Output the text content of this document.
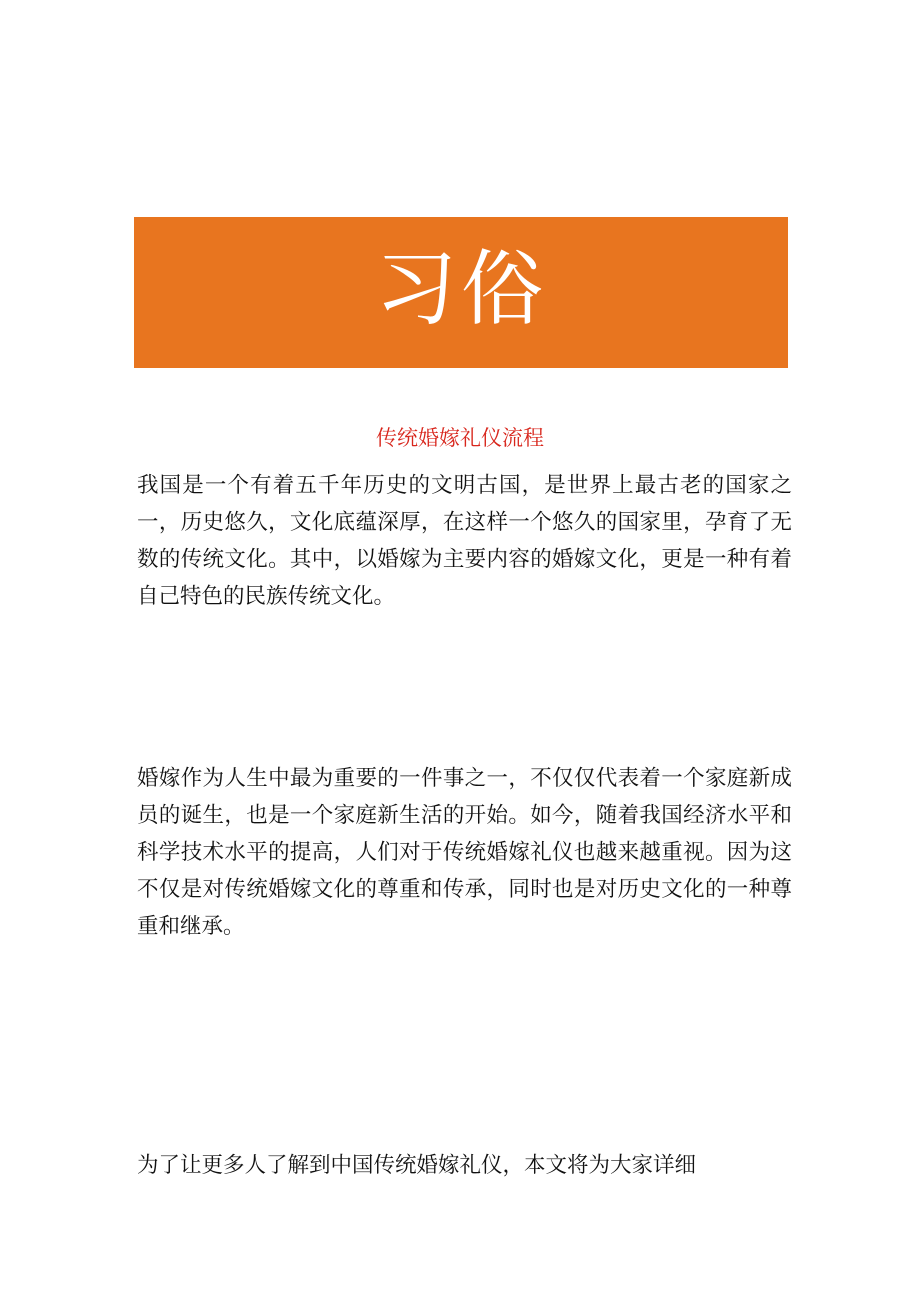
习俗
传统婚嫁礼仪流程

我国是一个有着五千年历史的文明古国，是世界上最古老的国家之一，历史悠久，文化底蕴深厚，在这样一个悠久的国家里，孕育了无数的传统文化。其中，以婚嫁为主要内容的婚嫁文化，更是一种有着自己特色的民族传统文化。

婚嫁作为人生中最为重要的一件事之一，不仅仅代表着一个家庭新成员的诞生，也是一个家庭新生活的开始。如今，随着我国经济水平和科学技术水平的提高，人们对于传统婚嫁礼仪也越来越重视。因为这不仅是对传统婚嫁文化的尊重和传承，同时也是对历史文化的一种尊重和继承。

为了让更多人了解到中国传统婚嫁礼仪，本文将为大家详细
